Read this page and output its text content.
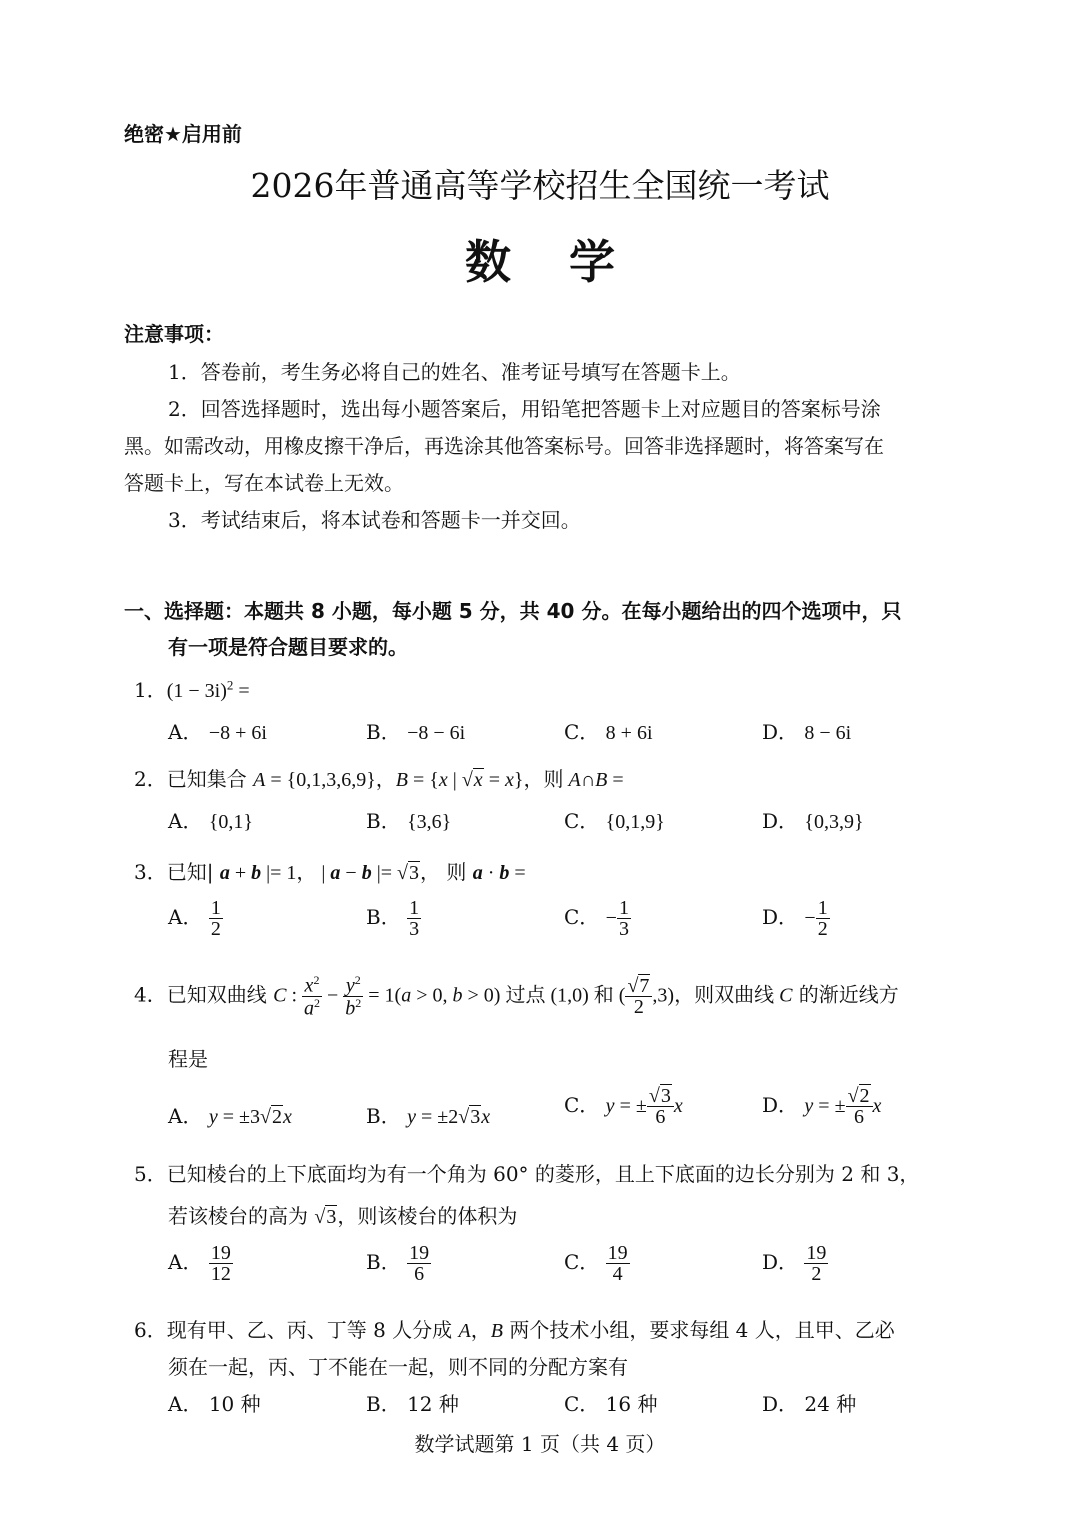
绝密★启用前
2026年普通高等学校招生全国统一考试
数学
注意事项：
1．答卷前，考生务必将自己的姓名、准考证号填写在答题卡上。
2．回答选择题时，选出每小题答案后，用铅笔把答题卡上对应题目的答案标号涂
黑。如需改动，用橡皮擦干净后，再选涂其他答案标号。回答非选择题时，将答案写在
答题卡上，写在本试卷上无效。
3．考试结束后，将本试卷和答题卡一并交回。
一、选择题：本题共 8 小题，每小题 5 分，共 40 分。在每小题给出的四个选项中，只
有一项是符合题目要求的。
1．$(1 - 3i)^2$ =
A． −8 + 6i	B． −8 − 6i	C． 8 + 6i	D． 8 − 6i
2．已知集合 A = {0,1,3,6,9}，B = {x | √x = x}，则 A∩B =
A． {0,1}	B． {3,6}	C． {0,1,9}	D． {0,3,9}
3．已知| a + b |= 1， | a − b |= √3， 则 a · b =
A． $\frac{1}{2}$	B． $\frac{1}{3}$	C． − $\frac{1}{3}$	D． − $\frac{1}{2}$
4．已知双曲线 C : $\frac{x^2}{a^2} - \frac{y^2}{b^2} = 1(a > 0$, b > 0) 过点 (1,0) 和 ( $\frac{√7}{2} ,3$)，则双曲线 C 的渐近线方
程是
A． y = ±3√2x	B． y = ±2√3x	C． y = ± $\frac{√3}{6}$ x	D． y = ± $\frac{√2}{6}$ x
5．已知棱台的上下底面均为有一个角为 60° 的菱形，且上下底面的边长分别为 2 和 3，
若该棱台的高为 √3，则该棱台的体积为
A． $\frac{19}{12}$	B． $\frac{19}{6}$	C． $\frac{19}{4}$	D． $\frac{19}{2}$
6．现有甲、乙、丙、丁等 8 人分成 A，B 两个技术小组，要求每组 4 人，且甲、乙必
须在一起，丙、丁不能在一起，则不同的分配方案有
A． 10 种	B． 12 种	C． 16 种	D． 24 种
数学试题第 1 页（共 4 页）
